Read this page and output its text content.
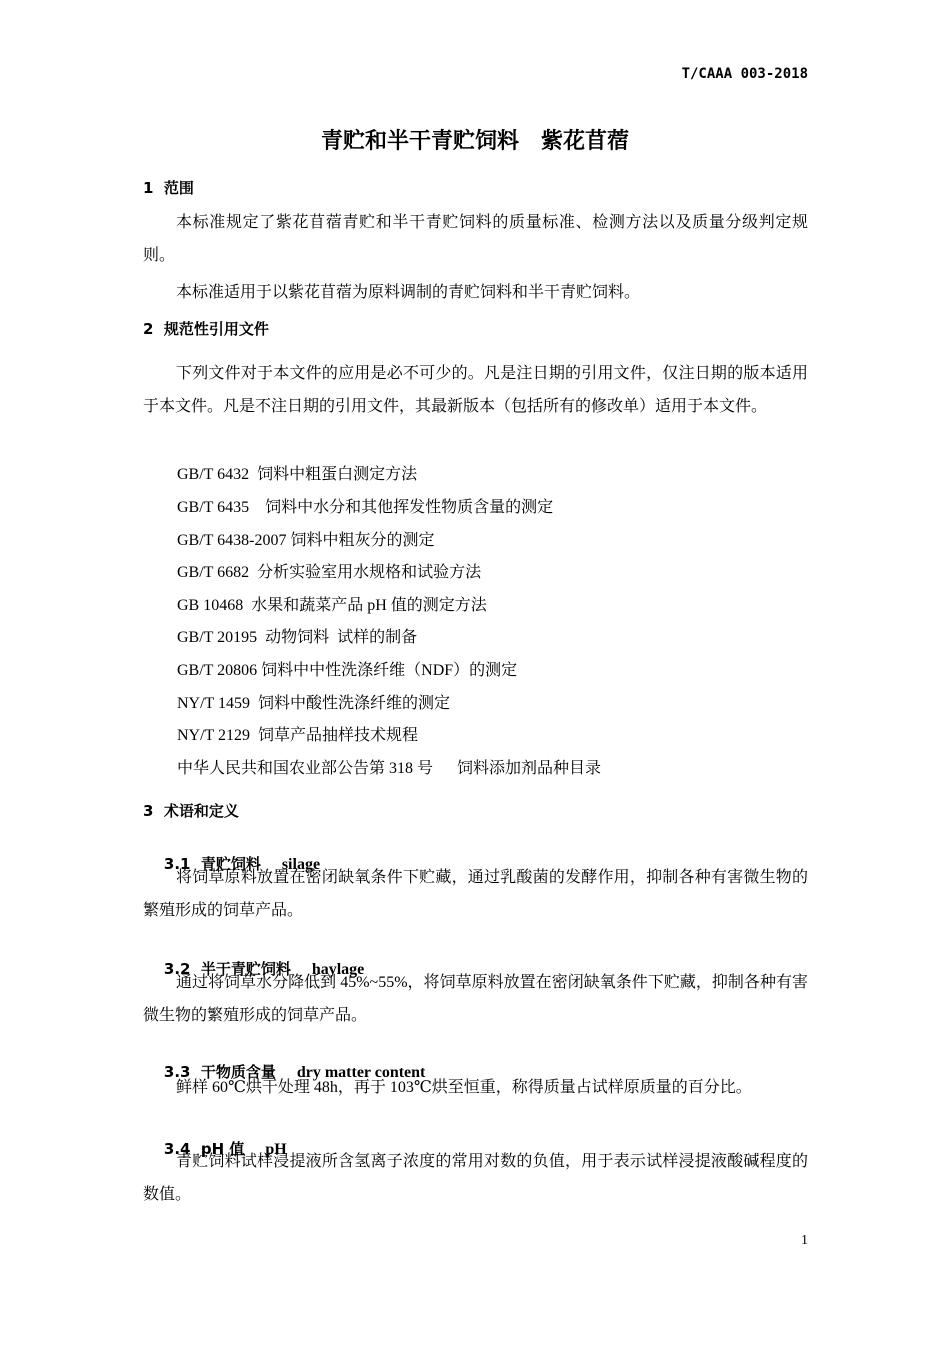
T/CAAA 003-2018
青贮和半干青贮饲料　紫花苜蓿
1  范围
本标准规定了紫花苜蓿青贮和半干青贮饲料的质量标准、检测方法以及质量分级判定规则。
本标准适用于以紫花苜蓿为原料调制的青贮饲料和半干青贮饲料。
2  规范性引用文件
下列文件对于本文件的应用是必不可少的。凡是注日期的引用文件，仅注日期的版本适用于本文件。凡是不注日期的引用文件，其最新版本（包括所有的修改单）适用于本文件。
GB/T 6432  饲料中粗蛋白测定方法
GB/T 6435    饲料中水分和其他挥发性物质含量的测定
GB/T 6438-2007 饲料中粗灰分的测定
GB/T 6682  分析实验室用水规格和试验方法
GB 10468  水果和蔬菜产品 pH 值的测定方法
GB/T 20195  动物饲料  试样的制备
GB/T 20806 饲料中中性洗涤纤维（NDF）的测定
NY/T 1459  饲料中酸性洗涤纤维的测定
NY/T 2129  饲草产品抽样技术规程
中华人民共和国农业部公告第 318 号      饲料添加剂品种目录
3  术语和定义

3.1 青贮饲料 silage

将饲草原料放置在密闭缺氧条件下贮藏，通过乳酸菌的发酵作用，抑制各种有害微生物的繁殖形成的饲草产品。

3.2 半干青贮饲料 haylage

通过将饲草水分降低到 45%~55%，将饲草原料放置在密闭缺氧条件下贮藏，抑制各种有害微生物的繁殖形成的饲草产品。

3.3 干物质含量 dry matter content

鲜样 60℃烘干处理 48h，再于 103℃烘至恒重，称得质量占试样原质量的百分比。

3.4 pH 值 pH

青贮饲料试样浸提液所含氢离子浓度的常用对数的负值，用于表示试样浸提液酸碱程度的数值。
1
